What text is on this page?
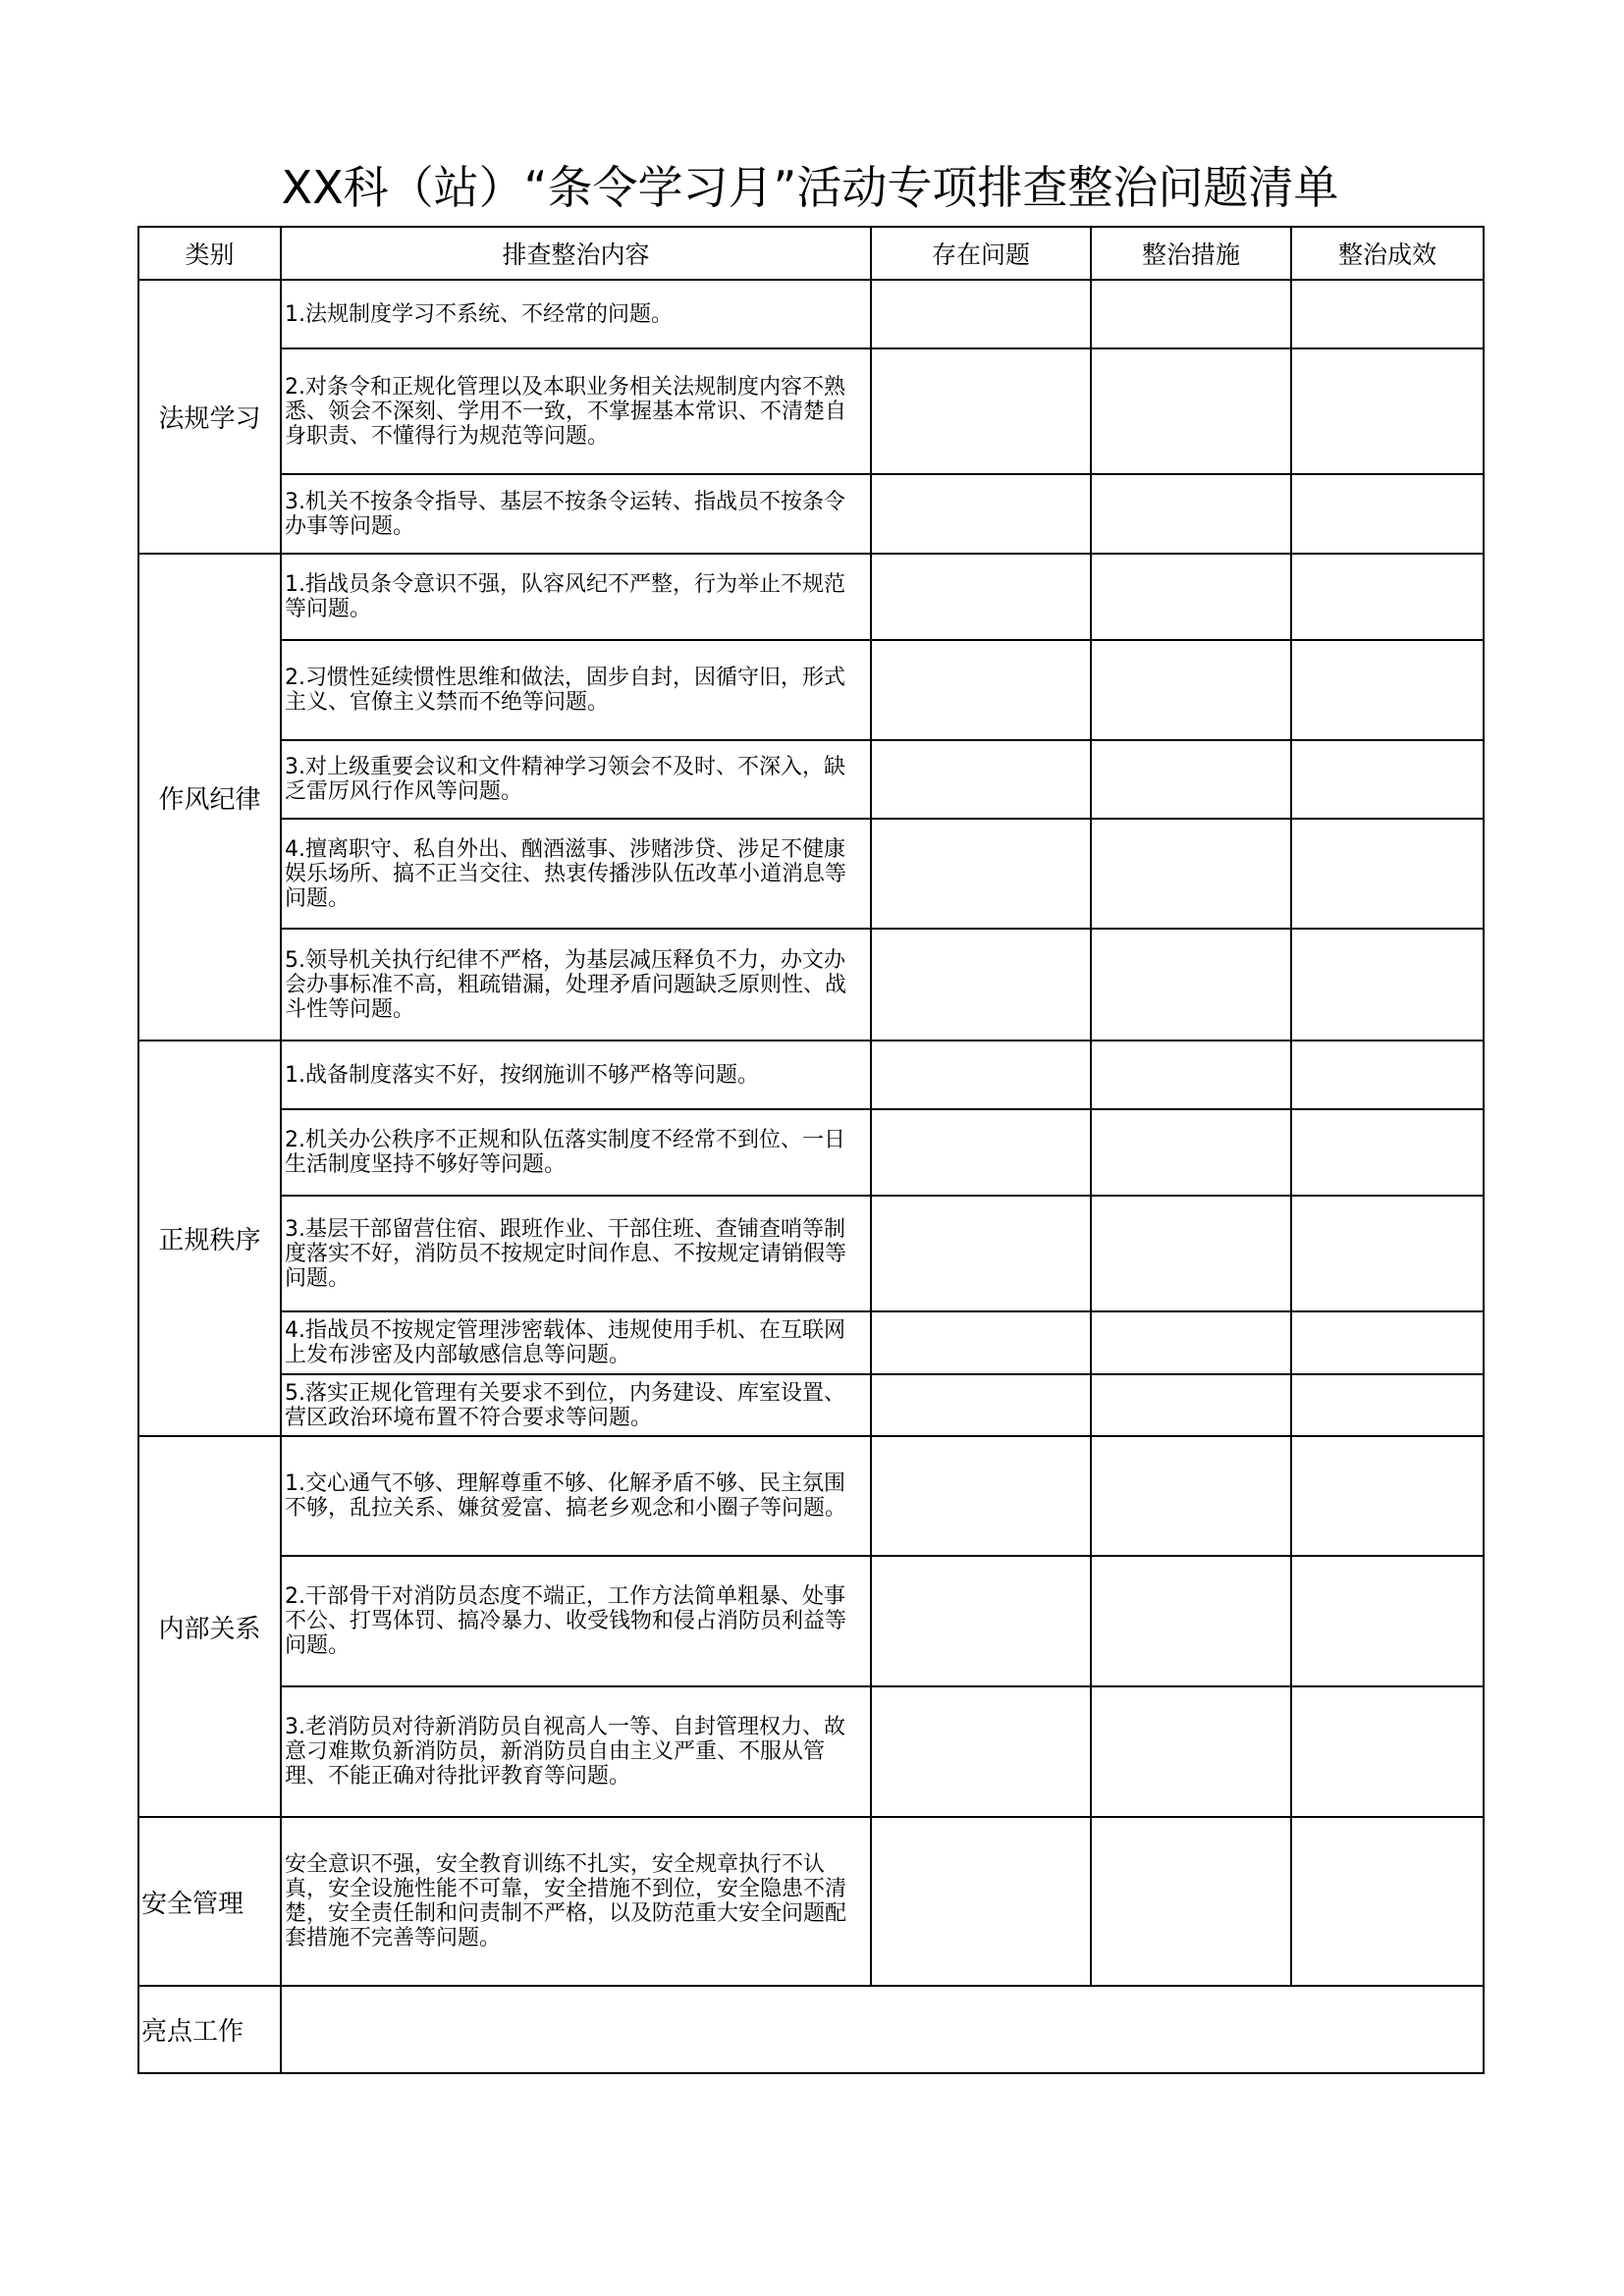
XX科（站）“条令学习月”活动专项排查整治问题清单
类别	排查整治内容	存在问题	整治措施	整治成效
法规学习	1.法规制度学习不系统、不经常的问题。			
	2.对条令和正规化管理以及本职业务相关法规制度内容不熟悉、领会不深刻、学用不一致，不掌握基本常识、不清楚自身职责、不懂得行为规范等问题。			
	3.机关不按条令指导、基层不按条令运转、指战员不按条令办事等问题。			
作风纪律	1.指战员条令意识不强，队容风纪不严整，行为举止不规范等问题。			
	2.习惯性延续惯性思维和做法，固步自封，因循守旧，形式主义、官僚主义禁而不绝等问题。			
	3.对上级重要会议和文件精神学习领会不及时、不深入，缺乏雷厉风行作风等问题。			
	4.擅离职守、私自外出、酗酒滋事、涉赌涉贷、涉足不健康娱乐场所、搞不正当交往、热衷传播涉队伍改革小道消息等问题。			
	5.领导机关执行纪律不严格，为基层减压释负不力，办文办会办事标准不高，粗疏错漏，处理矛盾问题缺乏原则性、战斗性等问题。			
正规秩序	1.战备制度落实不好，按纲施训不够严格等问题。			
	2.机关办公秩序不正规和队伍落实制度不经常不到位、一日生活制度坚持不够好等问题。			
	3.基层干部留营住宿、跟班作业、干部住班、查铺查哨等制度落实不好，消防员不按规定时间作息、不按规定请销假等问题。			
	4.指战员不按规定管理涉密载体、违规使用手机、在互联网上发布涉密及内部敏感信息等问题。			
	5.落实正规化管理有关要求不到位，内务建设、库室设置、营区政治环境布置不符合要求等问题。			
内部关系	1.交心通气不够、理解尊重不够、化解矛盾不够、民主氛围不够，乱拉关系、嫌贫爱富、搞老乡观念和小圈子等问题。			
	2.干部骨干对消防员态度不端正，工作方法简单粗暴、处事不公、打骂体罚、搞冷暴力、收受钱物和侵占消防员利益等问题。			
	3.老消防员对待新消防员自视高人一等、自封管理权力、故意刁难欺负新消防员，新消防员自由主义严重、不服从管理、不能正确对待批评教育等问题。			
安全管理	安全意识不强，安全教育训练不扎实，安全规章执行不认真，安全设施性能不可靠，安全措施不到位，安全隐患不清楚，安全责任制和问责制不严格，以及防范重大安全问题配套措施不完善等问题。			
亮点工作				
